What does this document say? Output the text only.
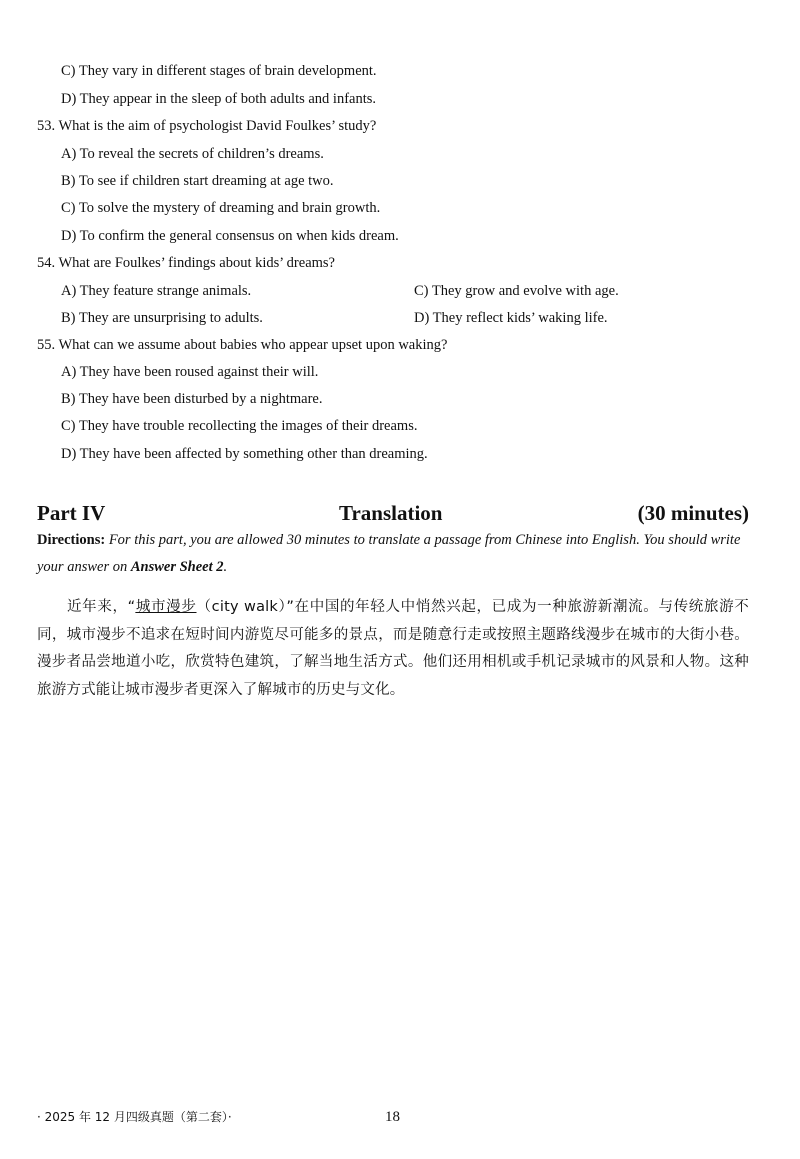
C) They vary in different stages of brain development.
D) They appear in the sleep of both adults and infants.
53. What is the aim of psychologist David Foulkes’ study?
A) To reveal the secrets of children’s dreams.
B) To see if children start dreaming at age two.
C) To solve the mystery of dreaming and brain growth.
D) To confirm the general consensus on when kids dream.
54. What are Foulkes’ findings about kids’ dreams?
A) They feature strange animals.	C) They grow and evolve with age.
B) They are unsurprising to adults.	D) They reflect kids’ waking life.
55. What can we assume about babies who appear upset upon waking?
A) They have been roused against their will.
B) They have been disturbed by a nightmare.
C) They have trouble recollecting the images of their dreams.
D) They have been affected by something other than dreaming.
Part IV	Translation	(30 minutes)
Directions: For this part, you are allowed 30 minutes to translate a passage from Chinese into English. You should write your answer on Answer Sheet 2.
近年来，“城市漫步（city walk）”在中国的年轻人中悄然兴起，已成为一种旅游新潮流。与传统旅游不同，城市漫步不追求在短时间内游览尽可能多的景点，而是随意行走或按照主题路线漫步在城市的大街小巷。漫步者品尝地道小吃，欣赏特色建筑，了解当地生活方式。他们还用相机或手机记录城市的风景和人物。这种旅游方式能让城市漫步者更深入了解城市的历史与文化。
· 2025 年 12 月四级真题（第二套）·	18
